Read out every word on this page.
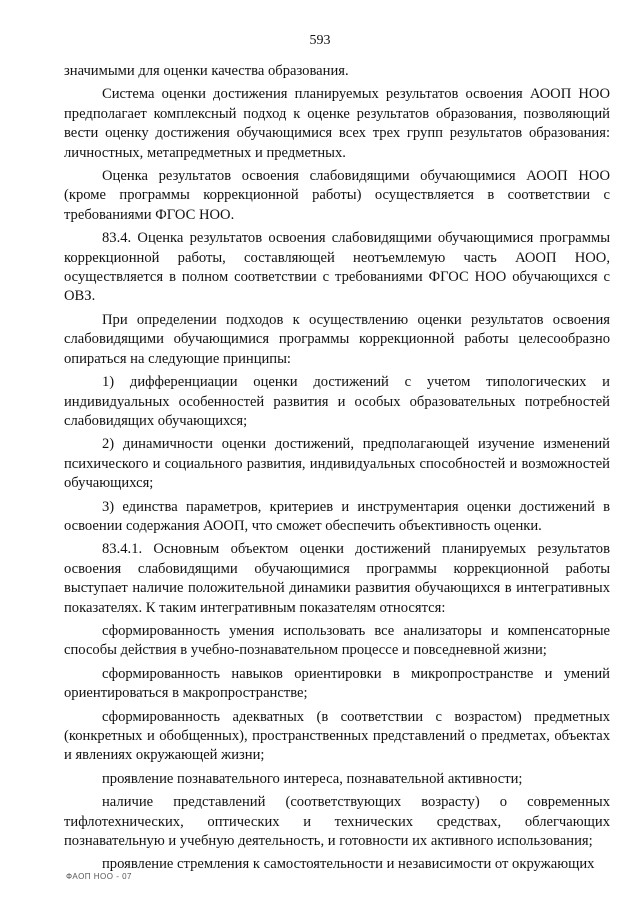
593

значимыми для оценки качества образования.

Система оценки достижения планируемых результатов освоения АООП НОО предполагает комплексный подход к оценке результатов образования, позволяющий вести оценку достижения обучающимися всех трех групп результатов образования: личностных, метапредметных и предметных.

Оценка результатов освоения слабовидящими обучающимися АООП НОО (кроме программы коррекционной работы) осуществляется в соответствии с требованиями ФГОС НОО.

83.4. Оценка результатов освоения слабовидящими обучающимися программы коррекционной работы, составляющей неотъемлемую часть АООП НОО, осуществляется в полном соответствии с требованиями ФГОС НОО обучающихся с ОВЗ.

При определении подходов к осуществлению оценки результатов освоения слабовидящими обучающимися программы коррекционной работы целесообразно опираться на следующие принципы:

1) дифференциации оценки достижений с учетом типологических и индивидуальных особенностей развития и особых образовательных потребностей слабовидящих обучающихся;

2) динамичности оценки достижений, предполагающей изучение изменений психического и социального развития, индивидуальных способностей и возможностей обучающихся;

3) единства параметров, критериев и инструментария оценки достижений в освоении содержания АООП, что сможет обеспечить объективность оценки.

83.4.1. Основным объектом оценки достижений планируемых результатов освоения слабовидящими обучающимися программы коррекционной работы выступает наличие положительной динамики развития обучающихся в интегративных показателях. К таким интегративным показателям относятся:

сформированность умения использовать все анализаторы и компенсаторные способы действия в учебно-познавательном процессе и повседневной жизни;

сформированность навыков ориентировки в микропространстве и умений ориентироваться в макропространстве;

сформированность адекватных (в соответствии с возрастом) предметных (конкретных и обобщенных), пространственных представлений о предметах, объектах и явлениях окружающей жизни;

проявление познавательного интереса, познавательной активности;

наличие представлений (соответствующих возрасту) о современных тифлотехнических, оптических и технических средствах, облегчающих познавательную и учебную деятельность, и готовности их активного использования;

проявление стремления к самостоятельности и независимости от окружающих

ФАОП НОО - 07
